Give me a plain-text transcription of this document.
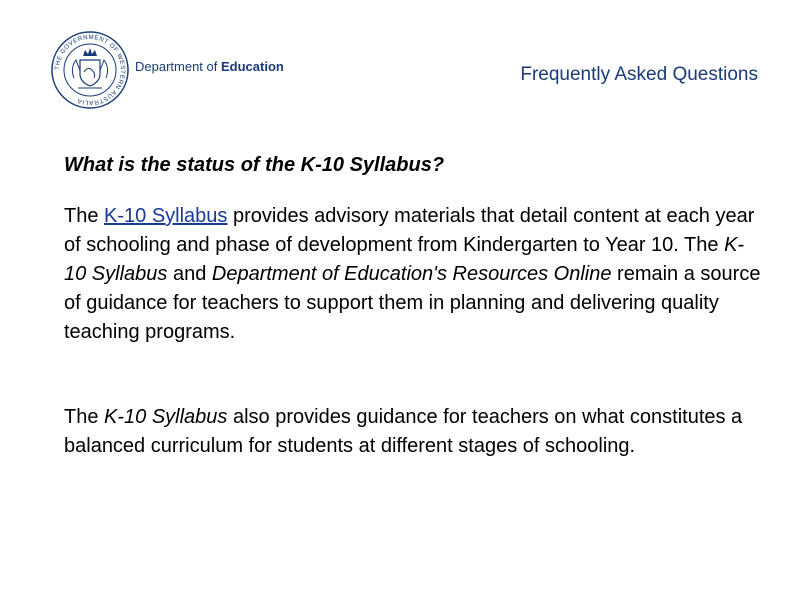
THE GOVERNMENT OF WESTERN AUSTRALIA
Department of Education	Frequently Asked Questions
What is the status of the K-10 Syllabus?

The K-10 Syllabus provides advisory materials that detail content at each year of schooling and phase of development from Kindergarten to Year 10. The K-10 Syllabus and Department of Education's Resources Online remain a source of guidance for teachers to support them in planning and delivering quality teaching programs.

The K-10 Syllabus also provides guidance for teachers on what constitutes a balanced curriculum for students at different stages of schooling.
